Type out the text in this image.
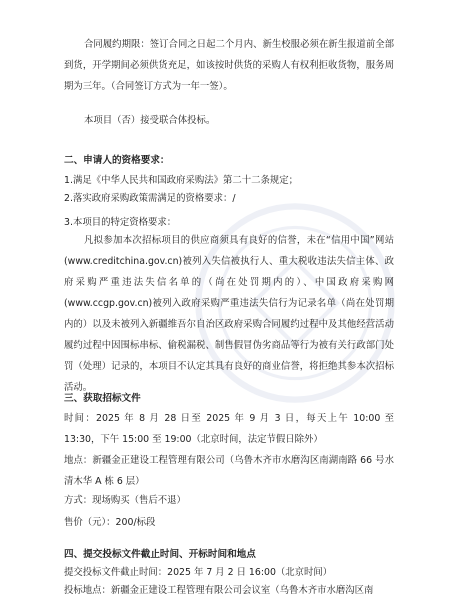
合同履约期限：签订合同之日起二个月内、新生校服必须在新生报道前全部到货，开学期间必须供货充足，如该按时供货的采购人有权利拒收货物，服务周期为三年。（合同签订方式为一年一签）。

本项目（否）接受联合体投标。

二、申请人的资格要求：
1.满足《中华人民共和国政府采购法》第二十二条规定；
2.落实政府采购政策需满足的资格要求：/
3.本项目的特定资格要求：

凡拟参加本次招标项目的供应商须具有良好的信誉，未在“信用中国”网站(www.creditchina.gov.cn)被列入失信被执行人、重大税收违法失信主体、政府采购严重违法失信名单的（尚在处罚期内的）、中国政府采购网(www.ccgp.gov.cn)被列入政府采购严重违法失信行为记录名单（尚在处罚期内的）以及未被列入新疆维吾尔自治区政府采购合同履约过程中及其他经营活动履约过程中因围标串标、偷税漏税、制售假冒伪劣商品等行为被有关行政部门处罚（处理）记录的，本项目不认定其具有良好的商业信誉，将拒绝其参本次招标活动。

三、获取招标文件

时间：2025 年 8 月 28 日至 2025 年 9 月 3 日，每天上午 10:00 至 13:30，下午 15:00 至 19:00（北京时间，法定节假日除外）

地点：新疆金正建设工程管理有限公司（乌鲁木齐市水磨沟区南湖南路 66 号水清木华 A 栋 6 层）

方式：现场购买（售后不退）
售价（元）：200/标段
四、提交投标文件截止时间、开标时间和地点
提交投标文件截止时间：2025 年 7 月 2 日 16:00（北京时间）
投标地点：新疆金正建设工程管理有限公司会议室（乌鲁木齐市水磨沟区南
